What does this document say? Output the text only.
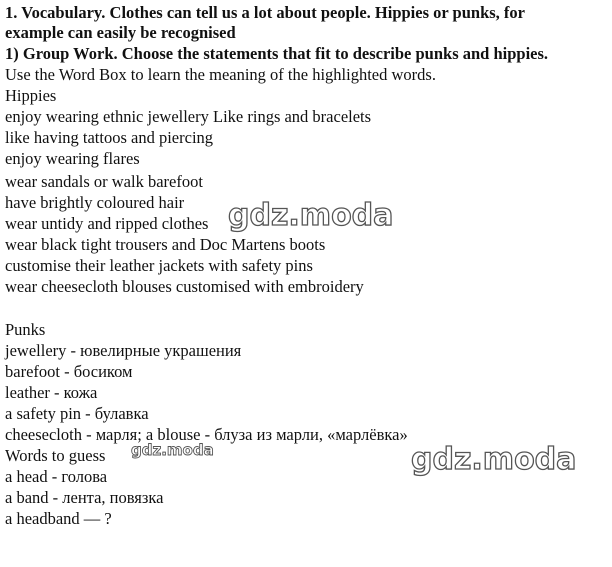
1. Vocabulary. Clothes can tell us a lot about people. Hippies or punks, for
example can easily be recognised
1) Group Work. Choose the statements that fit to describe punks and hippies.
Use the Word Box to learn the meaning of the highlighted words.
Hippies
enjoy wearing ethnic jewellery Like rings and bracelets
like having tattoos and piercing
enjoy wearing flares
wear sandals or walk barefoot
have brightly coloured hair
wear untidy and ripped clothes
wear black tight trousers and Doc Martens boots
customise their leather jackets with safety pins
wear cheesecloth blouses customised with embroidery
Punks
jewellery - ювелирные украшения
barefoot - босиком
leather - кожа
a safety pin - булавка
cheesecloth - марля; a blouse - блуза из марли, «марлёвка»
Words to guess
a head - голова
a band - лента, повязка
a headband — ?
gdz.moda
gdz.moda	gdz.moda
